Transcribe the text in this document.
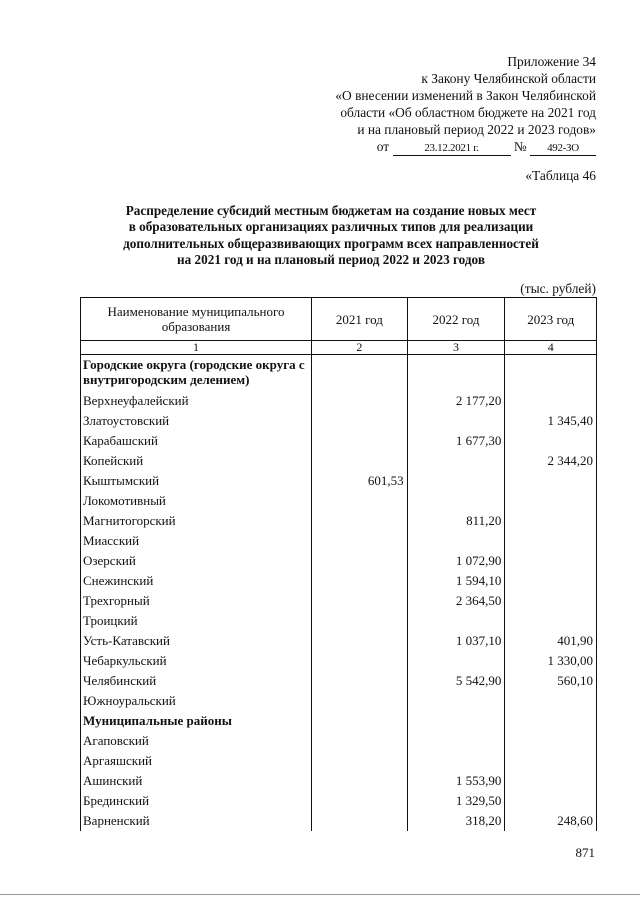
Приложение 34
к Закону Челябинской области
«О внесении изменений в Закон Челябинской
области «Об областном бюджете на 2021 год
и на плановый период 2022 и 2023 годов»
от	23.12.2021 г.	№ 492-ЗО
«Таблица 46
Распределение субсидий местным бюджетам на создание новых мест
в образовательных организациях различных типов для реализации
дополнительных общеразвивающих программ всех направленностей
на 2021 год и на плановый период 2022 и 2023 годов
(тыс. рублей)
Наименование муниципального образования	2021 год	2022 год	2023 год
1	2	3	4
Городские округа (городские округа с внутригородским делением)			
Верхнеуфалейский		2 177,20	
Златоустовский			1 345,40
Карабашский		1 677,30	
Копейский			2 344,20
Кыштымский	601,53		
Локомотивный			
Магнитогорский		811,20	
Миасский			
Озерский		1 072,90	
Снежинский		1 594,10	
Трехгорный		2 364,50	
Троицкий			
Усть-Катавский		1 037,10	401,90
Чебаркульский			1 330,00
Челябинский		5 542,90	560,10
Южноуральский			
Муниципальные районы			
Агаповский			
Аргаяшский			
Ашинский		1 553,90	
Брединский		1 329,50	
Варненский		318,20	248,60
871
